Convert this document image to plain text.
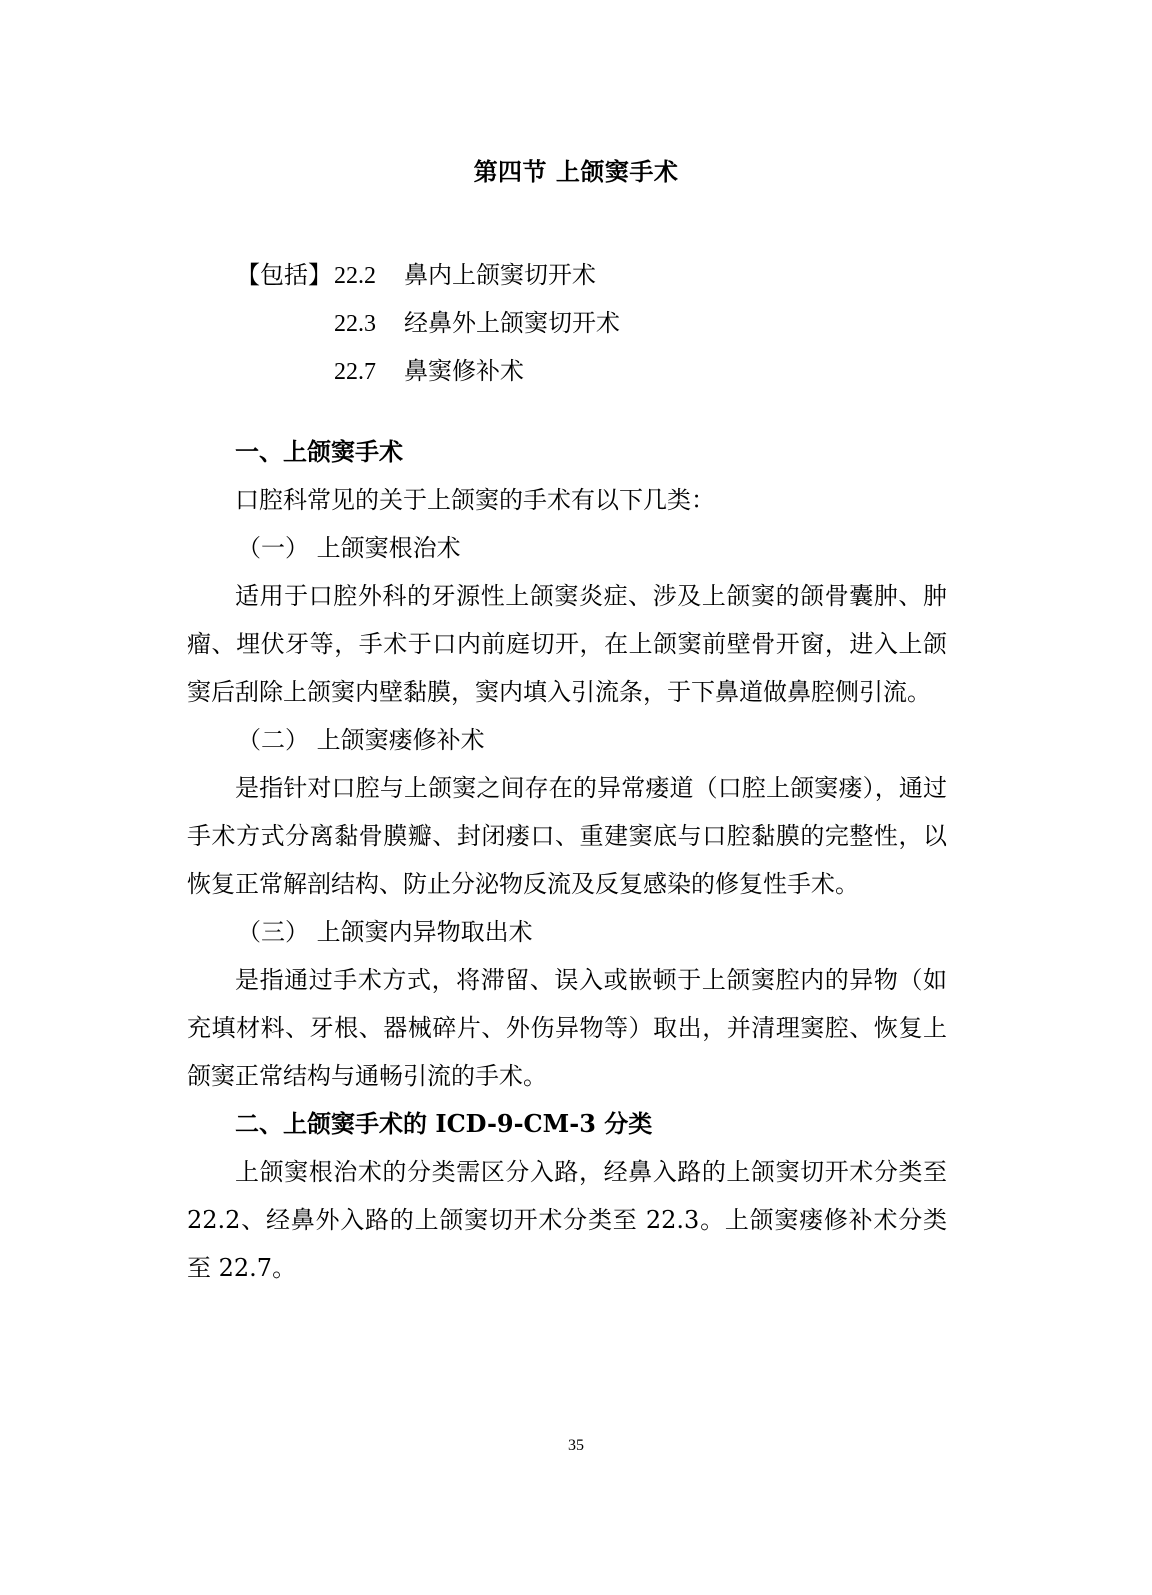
第四节 上颌窦手术
【包括】 22.2	鼻内上颌窦切开术
22.3	经鼻外上颌窦切开术
22.7	鼻窦修补术

一、上颌窦手术

口腔科常见的关于上颌窦的手术有以下几类：

（一） 上颌窦根治术

适用于口腔外科的牙源性上颌窦炎症、涉及上颌窦的颌骨囊肿、肿瘤、埋伏牙等，手术于口内前庭切开，在上颌窦前壁骨开窗，进入上颌窦后刮除上颌窦内壁黏膜，窦内填入引流条，于下鼻道做鼻腔侧引流。

（二） 上颌窦瘘修补术

是指针对口腔与上颌窦之间存在的异常瘘道（口腔上颌窦瘘），通过手术方式分离黏骨膜瓣、封闭瘘口、重建窦底与口腔黏膜的完整性，以恢复正常解剖结构、防止分泌物反流及反复感染的修复性手术。

（三） 上颌窦内异物取出术

是指通过手术方式，将滞留、误入或嵌顿于上颌窦腔内的异物（如充填材料、牙根、器械碎片、外伤异物等）取出，并清理窦腔、恢复上颌窦正常结构与通畅引流的手术。

二、上颌窦手术的 ICD-9-CM-3 分类

上颌窦根治术的分类需区分入路，经鼻入路的上颌窦切开术分类至 22.2、经鼻外入路的上颌窦切开术分类至 22.3。上颌窦瘘修补术分类至 22.7。

35
